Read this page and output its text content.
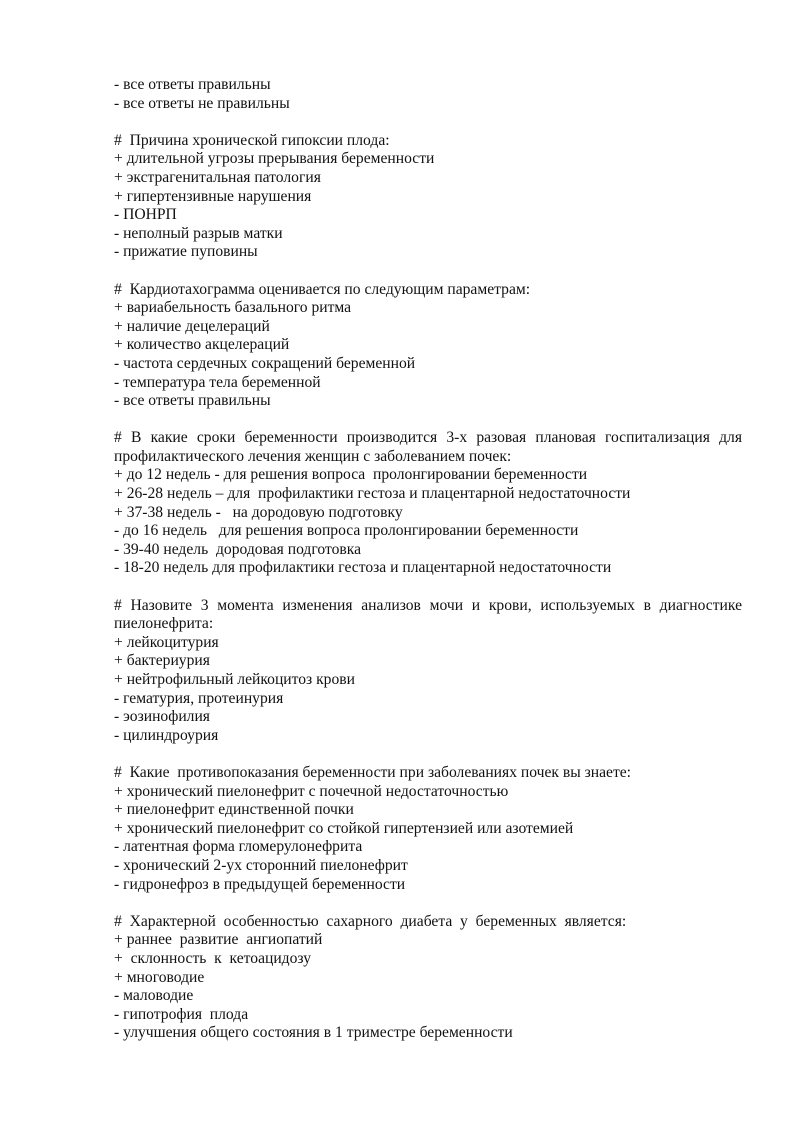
- все ответы правильны

- все ответы не правильны

#  Причина хронической гипоксии плода:

+ длительной угрозы прерывания беременности

+ экстрагенитальная патология

+ гипертензивные нарушения

- ПОНРП

- неполный разрыв матки

- прижатие пуповины

#  Кардиотахограмма оценивается по следующим параметрам:

+ вариабельность базального ритма

+ наличие децелераций

+ количество акцелераций

- частота сердечных сокращений беременной

- температура тела беременной

- все ответы правильны

# В какие сроки беременности производится 3-х разовая плановая госпитализация для профилактического лечения женщин с заболеванием почек:

+ до 12 недель - для решения вопроса  пролонгировании беременности

+ 26-28 недель – для  профилактики гестоза и плацентарной недостаточности

+ 37-38 недель -   на дородовую подготовку

- до 16 недель   для решения вопроса пролонгировании беременности

- 39-40 недель  дородовая подготовка

- 18-20 недель для профилактики гестоза и плацентарной недостаточности

# Назовите 3 момента изменения анализов мочи и крови, используемых в диагностике пиелонефрита:

+ лейкоцитурия

+ бактериурия

+ нейтрофильный лейкоцитоз крови

- гематурия, протеинурия

- эозинофилия

- цилиндроурия

#  Какие  противопоказания беременности при заболеваниях почек вы знаете:

+ хронический пиелонефрит с почечной недостаточностью

+ пиелонефрит единственной почки

+ хронический пиелонефрит со стойкой гипертензией или азотемией

- латентная форма гломерулонефрита

- хронический 2-ух сторонний пиелонефрит

- гидронефроз в предыдущей беременности

#  Характерной  особенностью  сахарного  диабета  у  беременных  является:

+ раннее  развитие  ангиопатий

+  склонность  к  кетоацидозу

+ многоводие

- маловодие

- гипотрофия  плода

- улучшения общего состояния в 1 триместре беременности
